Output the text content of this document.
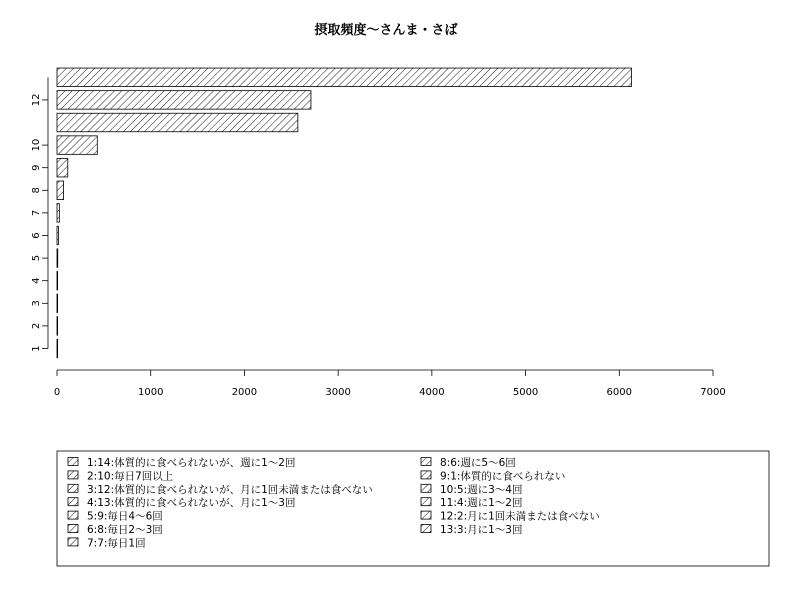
摂取頻度〜さんま・さば
0	1000	2000	3000	4000	5000	6000	7000
1
2
3
4
5
6
7
8
9
10
12
1:14:体質的に食べられないが、週に1〜2回
2:10:毎日7回以上
3:12:体質的に食べられないが、月に1回未満または食べない
4:13:体質的に食べられないが、月に1〜3回
5:9:毎日4〜6回
6:8:毎日2〜3回
7:7:毎日1回
8:6:週に5〜6回
9:1:体質的に食べられない
10:5:週に3〜4回
11:4:週に1〜2回
12:2:月に1回未満または食べない
13:3:月に1〜3回
